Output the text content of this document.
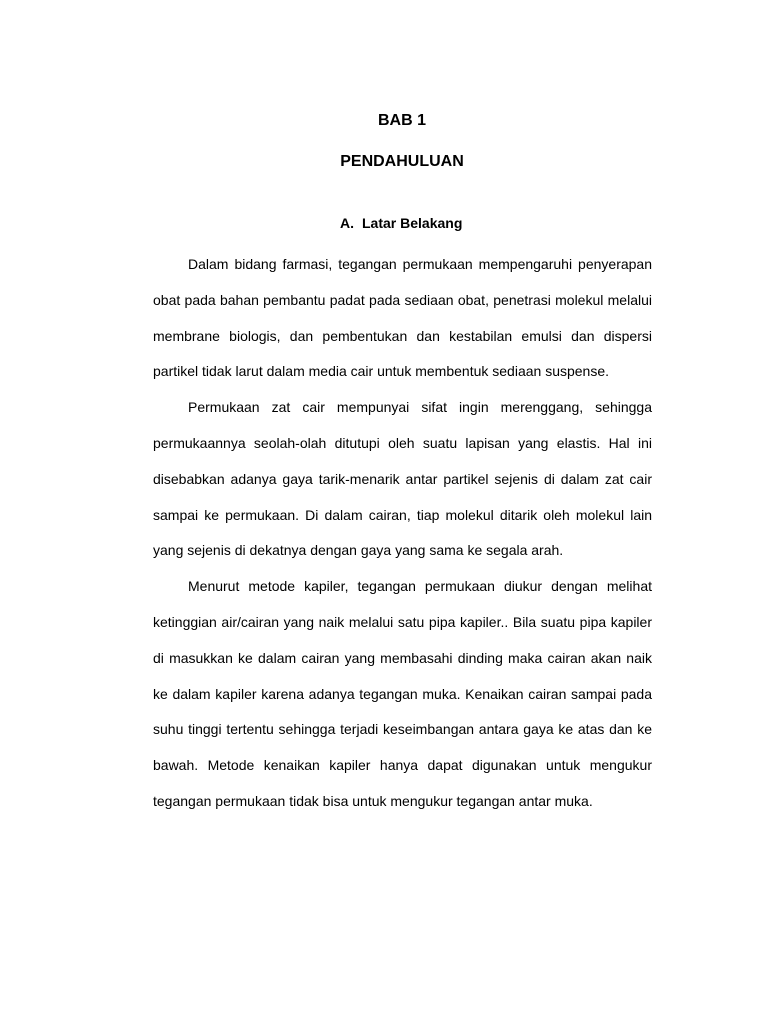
BAB 1
PENDAHULUAN
A. Latar Belakang

Dalam bidang farmasi, tegangan permukaan mempengaruhi penyerapan obat pada bahan pembantu padat pada sediaan obat, penetrasi molekul melalui membrane biologis, dan pembentukan dan kestabilan emulsi dan dispersi partikel tidak larut dalam media cair untuk membentuk sediaan suspense.

Permukaan zat cair mempunyai sifat ingin merenggang, sehingga permukaannya seolah-olah ditutupi oleh suatu lapisan yang elastis. Hal ini disebabkan adanya gaya tarik-menarik antar partikel sejenis di dalam zat cair sampai ke permukaan. Di dalam cairan, tiap molekul ditarik oleh molekul lain yang sejenis di dekatnya dengan gaya yang sama ke segala arah.

Menurut metode kapiler, tegangan permukaan diukur dengan melihat ketinggian air/cairan yang naik melalui satu pipa kapiler.. Bila suatu pipa kapiler di masukkan ke dalam cairan yang membasahi dinding maka cairan akan naik ke dalam kapiler karena adanya tegangan muka. Kenaikan cairan sampai pada suhu tinggi tertentu sehingga terjadi keseimbangan antara gaya ke atas dan ke bawah. Metode kenaikan kapiler hanya dapat digunakan untuk mengukur tegangan permukaan tidak bisa untuk mengukur tegangan antar muka.
